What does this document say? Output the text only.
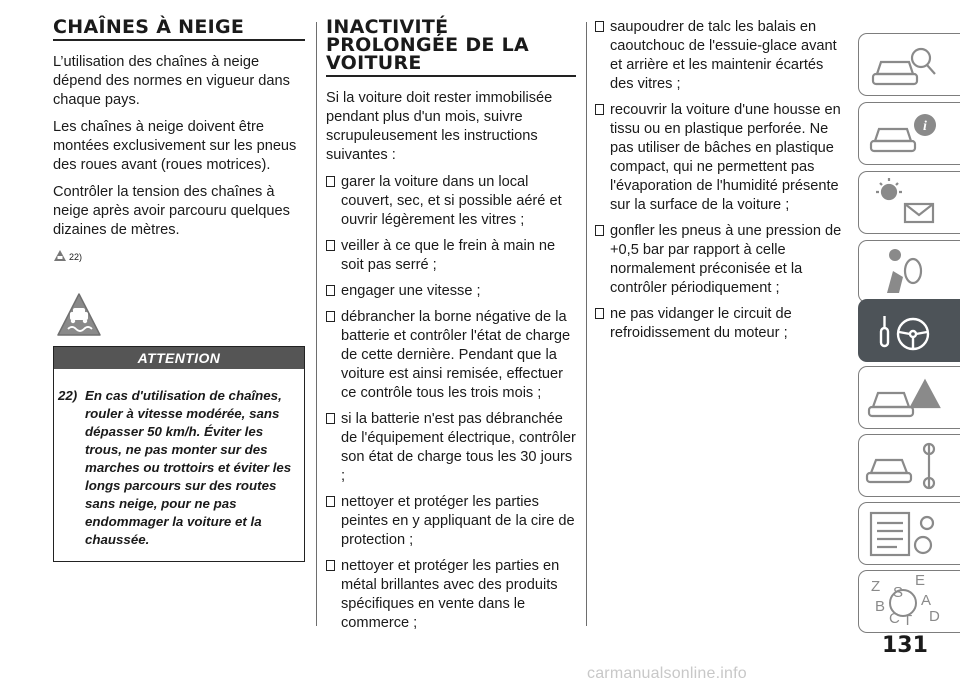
CHAÎNES À NEIGE

L’utilisation des chaînes à neige dépend des normes en vigueur dans chaque pays.

Les chaînes à neige doivent être montées exclusivement sur les pneus des roues avant (roues motrices).

Contrôler la tension des chaînes à neige après avoir parcouru quelques dizaines de mètres.

22)
ATTENTION
22) En cas d'utilisation de chaînes, rouler à vitesse modérée, sans dépasser 50 km/h. Éviter les trous, ne pas monter sur des marches ou trottoirs et éviter les longs parcours sur des routes sans neige, pour ne pas endommager la voiture et la chaussée.
INACTIVITÉ
PROLONGÉE DE LA
VOITURE

Si la voiture doit rester immobilisée pendant plus d'un mois, suivre scrupuleusement les instructions suivantes :

garer la voiture dans un local couvert, sec, et si possible aéré et ouvrir légèrement les vitres ;
veiller à ce que le frein à main ne soit pas serré ;
engager une vitesse ;
débrancher la borne négative de la batterie et contrôler l'état de charge de cette dernière. Pendant que la voiture est ainsi remisée, effectuer ce contrôle tous les trois mois ;
si la batterie n'est pas débranchée de l'équipement électrique, contrôler son état de charge tous les 30 jours ;
nettoyer et protéger les parties peintes en y appliquant de la cire de protection ;
nettoyer et protéger les parties en métal brillantes avec des produits spécifiques en vente dans le commerce ;
saupoudrer de talc les balais en caoutchouc de l'essuie-glace avant et arrière et les maintenir écartés des vitres ;
recouvrir la voiture d'une housse en tissu ou en plastique perforée. Ne pas utiliser de bâches en plastique compact, qui ne permettent pas l'évaporation de l'humidité présente sur la surface de la voiture ;
gonfler les pneus à une pression de +0,5 bar par rapport à celle normalement préconisée et la contrôler périodiquement ;
ne pas vidanger le circuit de refroidissement du moteur ;
i
Z E
S A
B
C T D
131
carmanualsonline.info
